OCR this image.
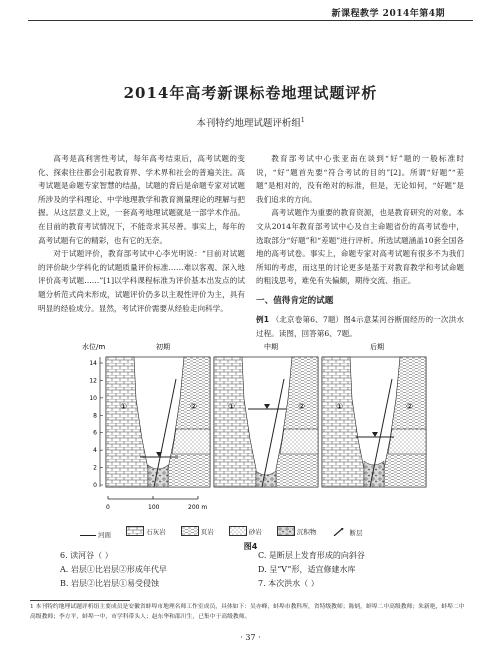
新课程教学 2014年第4期
2014年高考新课标卷地理试题评析
本刊特约地理试题评析组$^1$

高考是高利害性考试，每年高考结束后，高考试题的变化、探索往往都会引起教育界、学术界和社会的普遍关注。高考试题是命题专家智慧的结晶，试题的背后是命题专家对试题所涉及的学科理论、中学地理教学和教育测量理论的理解与把握。从这层意义上说，一套高考地理试题就是一部学术作品。在目前的教育考试情况下，不能奇求其尽善。事实上，每年的高考试题有它的精彩，也有它的无奈。

对于试题评价，教育部考试中心李光明说：“目前对试题的评价缺少学科化的试题质量评价标准……难以客观、深入地评价高考试题……”[1]以学科课程标准为评价基本出发点的试题分析范式尚未形成，试题评价仍多以主观性评价为主，具有明显的经验成分。显然，考试评价需要从经验走向科学。

教育部考试中心张亚南在谈到“好”题的一般标准时说，“好”题首先要“符合考试的目的”[2]。所谓“好题”“差题”是相对的，没有绝对的标准，但是，无论如何，“好题”是我们追求的方向。

高考试题作为重要的教育资源，也是教育研究的对象。本文从2014年教育部考试中心及自主命题省份的高考试卷中，选取部分“好题”和“差题”进行评析。所选试题涵盖10套全国各地的高考试卷。事实上，命题专家对高考试题有很多不为我们所知的考虑，而这里的讨论更多是基于对教育教学和考试命题的粗浅思考，难免有失偏颇，期待交流、指正。

一、值得肯定的试题

例1 （北京卷第6、7题）图4示意某河谷断面经历的一次洪水过程。读图，回答第6、7题。

水位/m	初期	中期	后期
14
12
10
8
6
4
2
0
①	②	①	②	①	②
0	100	200 m
河面
	石灰岩
	页岩
	砂岩
	沉积物
	断层
图4
6. 读河谷（ ）
A. 岩层①比岩层②形成年代早
B. 岩层②比岩层①易受侵蚀
C. 是断层上发育形成的向斜谷
D. 呈“V”形，适宜修建水库
7. 本次洪水（ ）
1 本刊特约地理试题评析组主要成员是安徽省蚌埠市地理名师工作室成员，具体如下：吴亦峰，蚌埠市教科所，省特级教师；陈炳，蚌埠二中高级教师；朱新艳，蚌埠二中高级教师；李方平，蚌埠一中，市学科带头人；赵东华和邵川生，已集中于高级教师。
· 37 ·
